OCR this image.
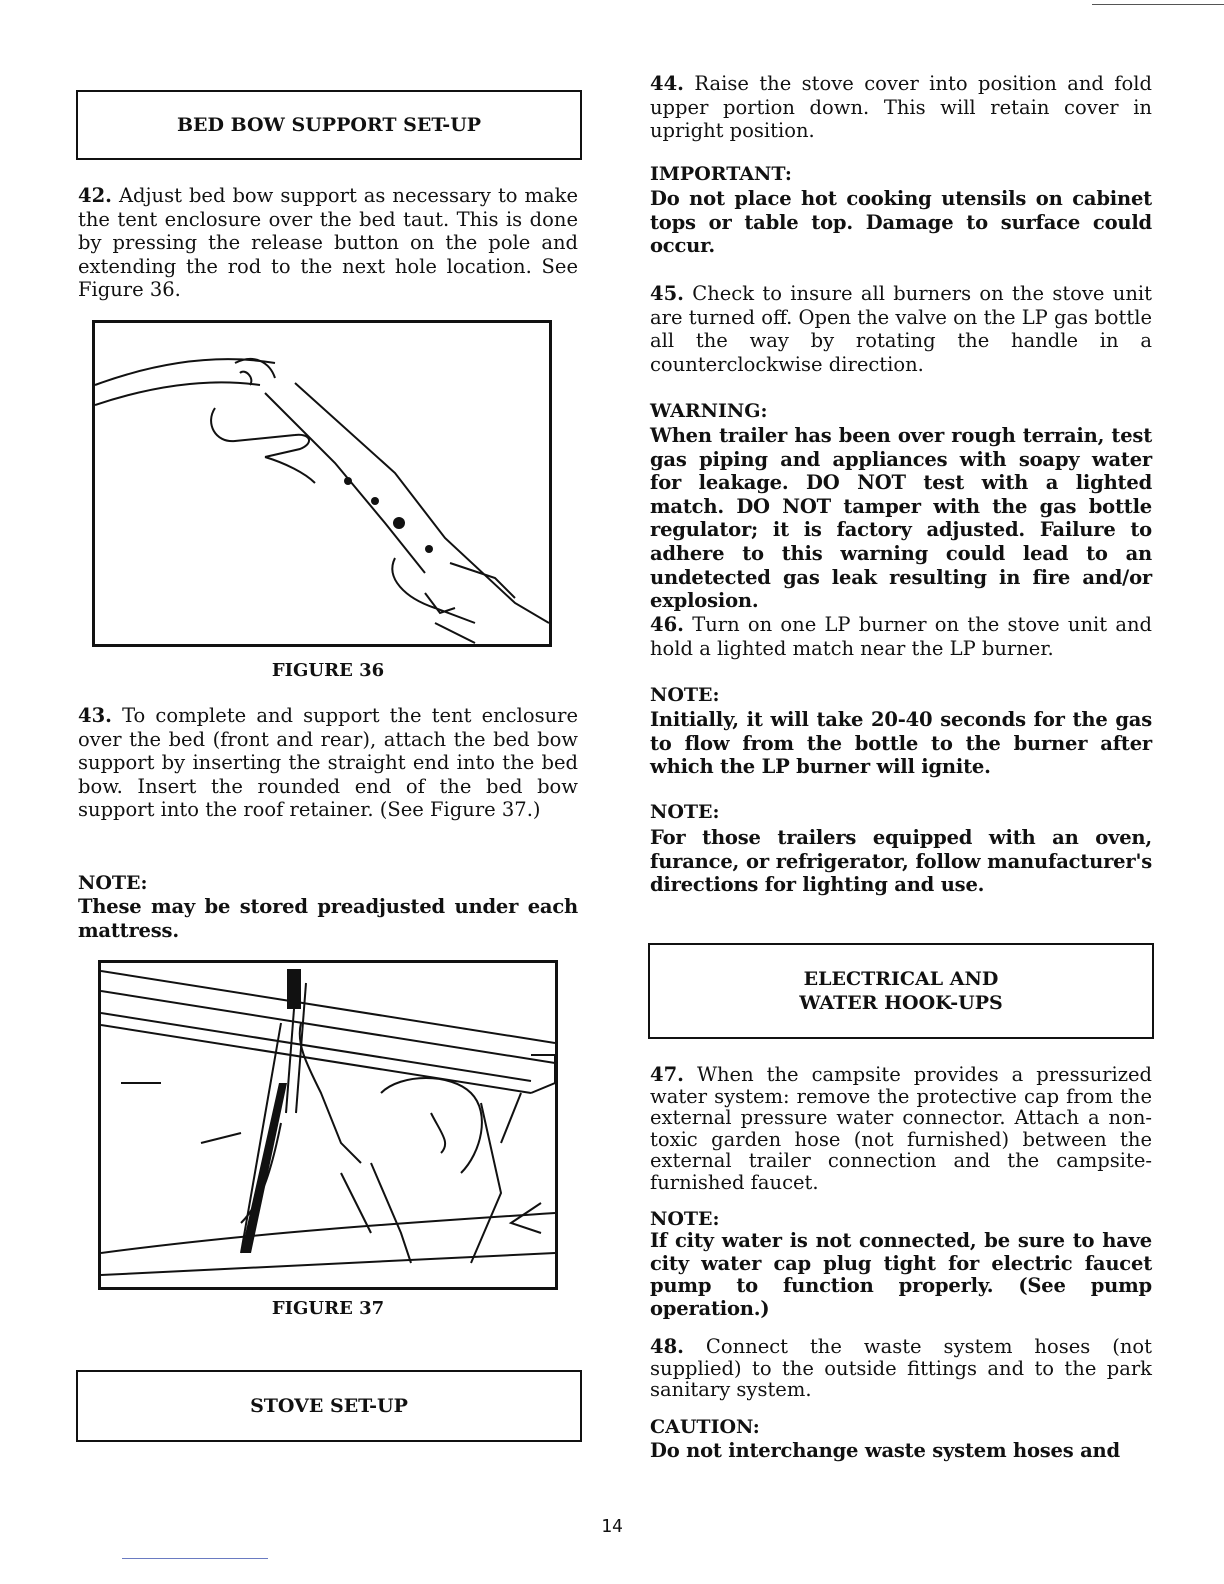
BED BOW SUPPORT SET-UP

42. Adjust bed bow support as necessary to make the tent enclosure over the bed taut. This is done by pressing the release button on the pole and extending the rod to the next hole location. See Figure 36.

FIGURE 36

43. To complete and support the tent enclosure over the bed (front and rear), attach the bed bow support by inserting the straight end into the bed bow. Insert the rounded end of the bed bow support into the roof retainer. (See Figure 37.)

NOTE:

These may be stored preadjusted under each mattress.

FIGURE 37
STOVE SET-UP

44. Raise the stove cover into position and fold upper portion down. This will retain cover in upright position.

IMPORTANT:

Do not place hot cooking utensils on cabinet tops or table top. Damage to surface could occur.

45. Check to insure all burners on the stove unit are turned off. Open the valve on the LP gas bottle all the way by rotating the handle in a counterclockwise direction.

WARNING:

When trailer has been over rough terrain, test gas piping and appliances with soapy water for leakage. DO NOT test with a lighted match. DO NOT tamper with the gas bottle regulator; it is factory adjusted. Failure to adhere to this warning could lead to an undetected gas leak resulting in fire and/or explosion.

46. Turn on one LP burner on the stove unit and hold a lighted match near the LP burner.

NOTE:

Initially, it will take 20-40 seconds for the gas to flow from the bottle to the burner after which the LP burner will ignite.

NOTE:

For those trailers equipped with an oven, furance, or refrigerator, follow manufacturer's directions for lighting and use.

ELECTRICAL AND
WATER HOOK-UPS

47. When the campsite provides a pressurized water system: remove the protective cap from the external pressure water connector. Attach a non-toxic garden hose (not furnished) between the external trailer connection and the campsite-furnished faucet.

NOTE:

If city water is not connected, be sure to have city water cap plug tight for electric faucet pump to function properly. (See pump operation.)

48. Connect the waste system hoses (not supplied) to the outside fittings and to the park sanitary system.

CAUTION:

Do not interchange waste system hoses and

14
